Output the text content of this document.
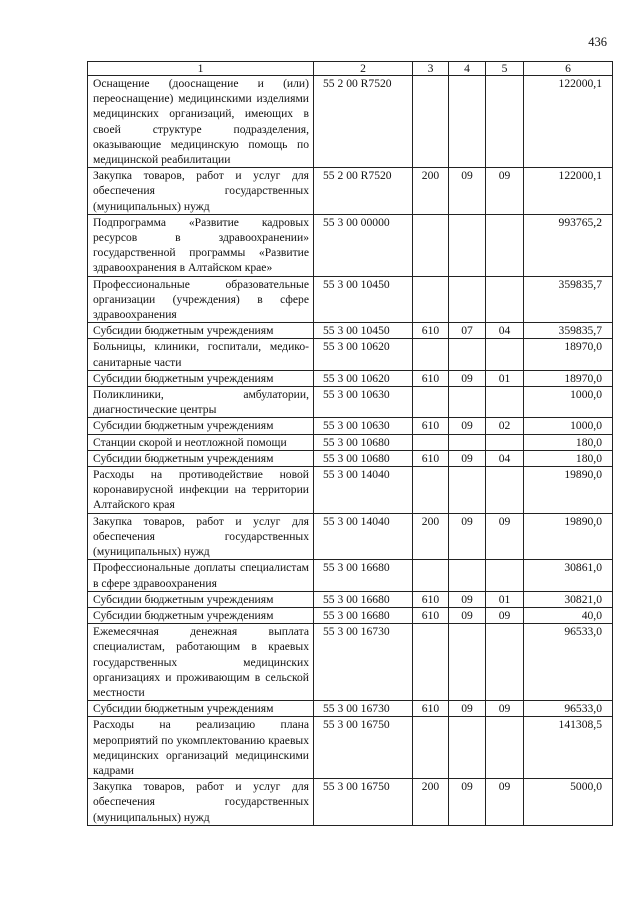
436
1	2	3	4	5	6
Оснащение (дооснащение и (или) переоснащение) медицинскими изделиями медицинских организаций, имеющих в своей структуре подразделения, оказывающие медицинскую помощь по медицинской реабилитации	55 2 00 R7520				122000,1
Закупка товаров, работ и услуг для обеспечения государственных (муниципальных) нужд	55 2 00 R7520	200	09	09	122000,1
Подпрограмма «Развитие кадровых ресурсов в здравоохранении» государственной программы «Развитие здравоохранения в Алтайском крае»	55 3 00 00000				993765,2
Профессиональные образовательные организации (учреждения) в сфере здравоохранения	55 3 00 10450				359835,7
Субсидии бюджетным учреждениям	55 3 00 10450	610	07	04	359835,7
Больницы, клиники, госпитали, медико-санитарные части	55 3 00 10620				18970,0
Субсидии бюджетным учреждениям	55 3 00 10620	610	09	01	18970,0
Поликлиники, амбулатории, диагностические центры	55 3 00 10630				1000,0
Субсидии бюджетным учреждениям	55 3 00 10630	610	09	02	1000,0
Станции скорой и неотложной помощи	55 3 00 10680				180,0
Субсидии бюджетным учреждениям	55 3 00 10680	610	09	04	180,0
Расходы на противодействие новой коронавирусной инфекции на территории Алтайского края	55 3 00 14040				19890,0
Закупка товаров, работ и услуг для обеспечения государственных (муниципальных) нужд	55 3 00 14040	200	09	09	19890,0
Профессиональные доплаты специалистам в сфере здравоохранения	55 3 00 16680				30861,0
Субсидии бюджетным учреждениям	55 3 00 16680	610	09	01	30821,0
Субсидии бюджетным учреждениям	55 3 00 16680	610	09	09	40,0
Ежемесячная денежная выплата специалистам, работающим в краевых государственных медицинских организациях и проживающим в сельской местности	55 3 00 16730				96533,0
Субсидии бюджетным учреждениям	55 3 00 16730	610	09	09	96533,0
Расходы на реализацию плана мероприятий по укомплектованию краевых медицинских организаций медицинскими кадрами	55 3 00 16750				141308,5
Закупка товаров, работ и услуг для обеспечения государственных (муниципальных) нужд	55 3 00 16750	200	09	09	5000,0
